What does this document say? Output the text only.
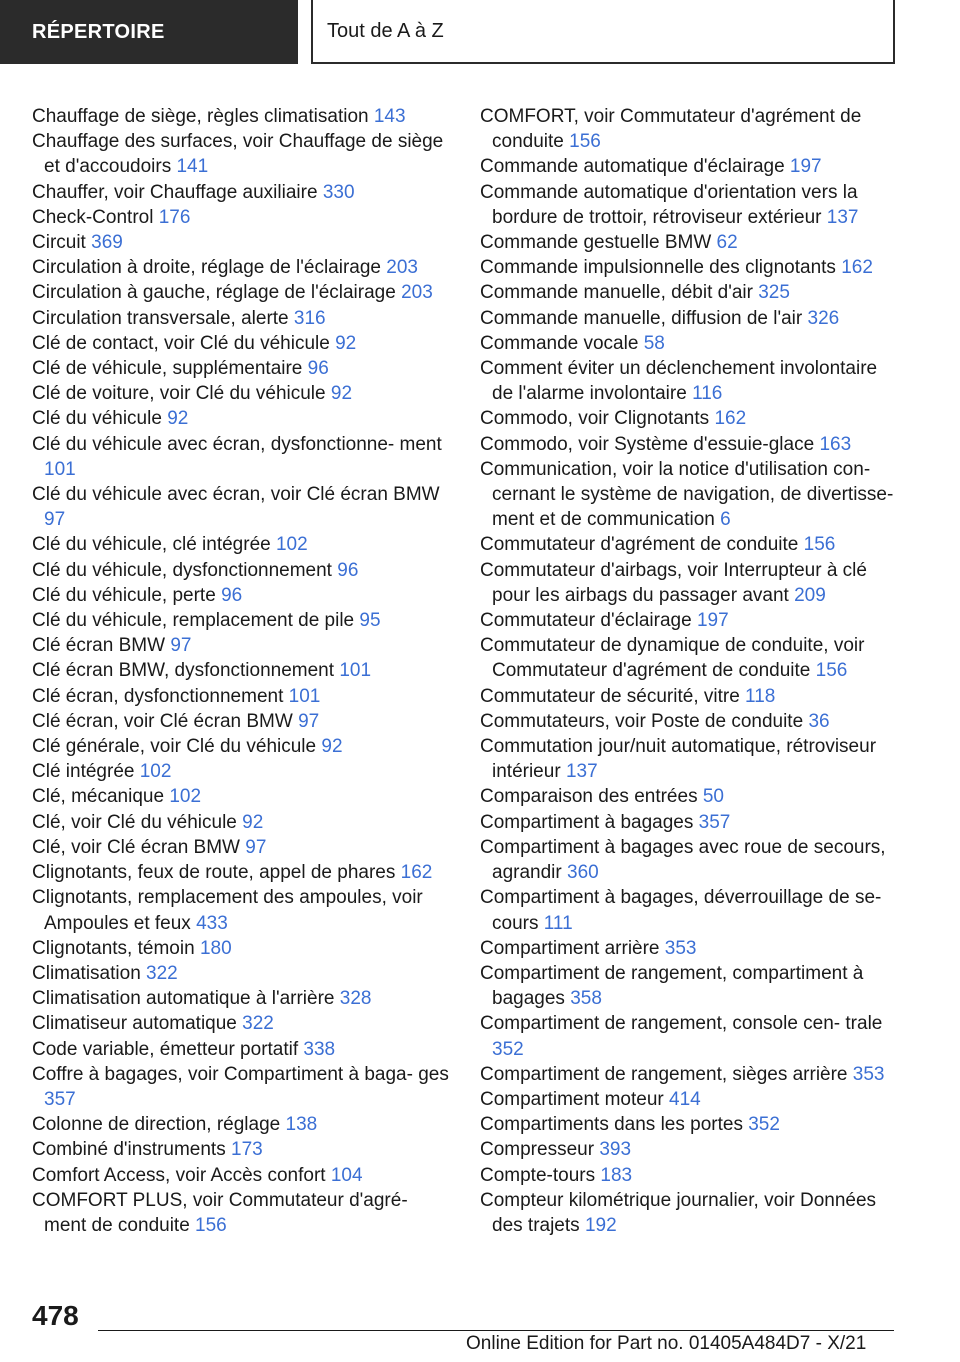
RÉPERTOIRE	Tout de A à Z

Chauffage de siège, règles climatisation 143

Chauffage des surfaces, voir Chauffage de siège et d'accoudoirs 141

Chauffer, voir Chauffage auxiliaire 330

Check-Control 176

Circuit 369

Circulation à droite, réglage de l'éclairage 203

Circulation à gauche, réglage de l'éclairage 203

Circulation transversale, alerte 316

Clé de contact, voir Clé du véhicule 92

Clé de véhicule, supplémentaire 96

Clé de voiture, voir Clé du véhicule 92

Clé du véhicule 92

Clé du véhicule avec écran, dysfonctionne‐ ment 101

Clé du véhicule avec écran, voir Clé écran BMW 97

Clé du véhicule, clé intégrée 102

Clé du véhicule, dysfonctionnement 96

Clé du véhicule, perte 96

Clé du véhicule, remplacement de pile 95

Clé écran BMW 97

Clé écran BMW, dysfonctionnement 101

Clé écran, dysfonctionnement 101

Clé écran, voir Clé écran BMW 97

Clé générale, voir Clé du véhicule 92

Clé intégrée 102

Clé, mécanique 102

Clé, voir Clé du véhicule 92

Clé, voir Clé écran BMW 97

Clignotants, feux de route, appel de phares 162

Clignotants, remplacement des ampoules, voir Ampoules et feux 433

Clignotants, témoin 180

Climatisation 322

Climatisation automatique à l'arrière 328

Climatiseur automatique 322

Code variable, émetteur portatif 338

Coffre à bagages, voir Compartiment à baga‐ ges 357

Colonne de direction, réglage 138

Combiné d'instruments 173

Comfort Access, voir Accès confort 104

COMFORT PLUS, voir Commutateur d'agré‐ ment de conduite 156

COMFORT, voir Commutateur d'agrément de conduite 156

Commande automatique d'éclairage 197

Commande automatique d'orientation vers la bordure de trottoir, rétroviseur extérieur 137

Commande gestuelle BMW 62

Commande impulsionnelle des clignotants 162

Commande manuelle, débit d'air 325

Commande manuelle, diffusion de l'air 326

Commande vocale 58

Comment éviter un déclenchement involontaire de l'alarme involontaire 116

Commodo, voir Clignotants 162

Commodo, voir Système d'essuie-glace 163

Communication, voir la notice d'utilisation con‐ cernant le système de navigation, de divertisse‐ ment et de communication 6

Commutateur d'agrément de conduite 156

Commutateur d'airbags, voir Interrupteur à clé pour les airbags du passager avant 209

Commutateur d'éclairage 197

Commutateur de dynamique de conduite, voir Commutateur d'agrément de conduite 156

Commutateur de sécurité, vitre 118

Commutateurs, voir Poste de conduite 36

Commutation jour/nuit automatique, rétroviseur intérieur 137

Comparaison des entrées 50

Compartiment à bagages 357

Compartiment à bagages avec roue de secours, agrandir 360

Compartiment à bagages, déverrouillage de se‐ cours 111

Compartiment arrière 353

Compartiment de rangement, compartiment à bagages 358

Compartiment de rangement, console cen‐ trale 352

Compartiment de rangement, sièges arrière 353

Compartiment moteur 414

Compartiments dans les portes 352

Compresseur 393

Compte-tours 183

Compteur kilométrique journalier, voir Données des trajets 192

478
Online Edition for Part no. 01405A484D7 - X/21
